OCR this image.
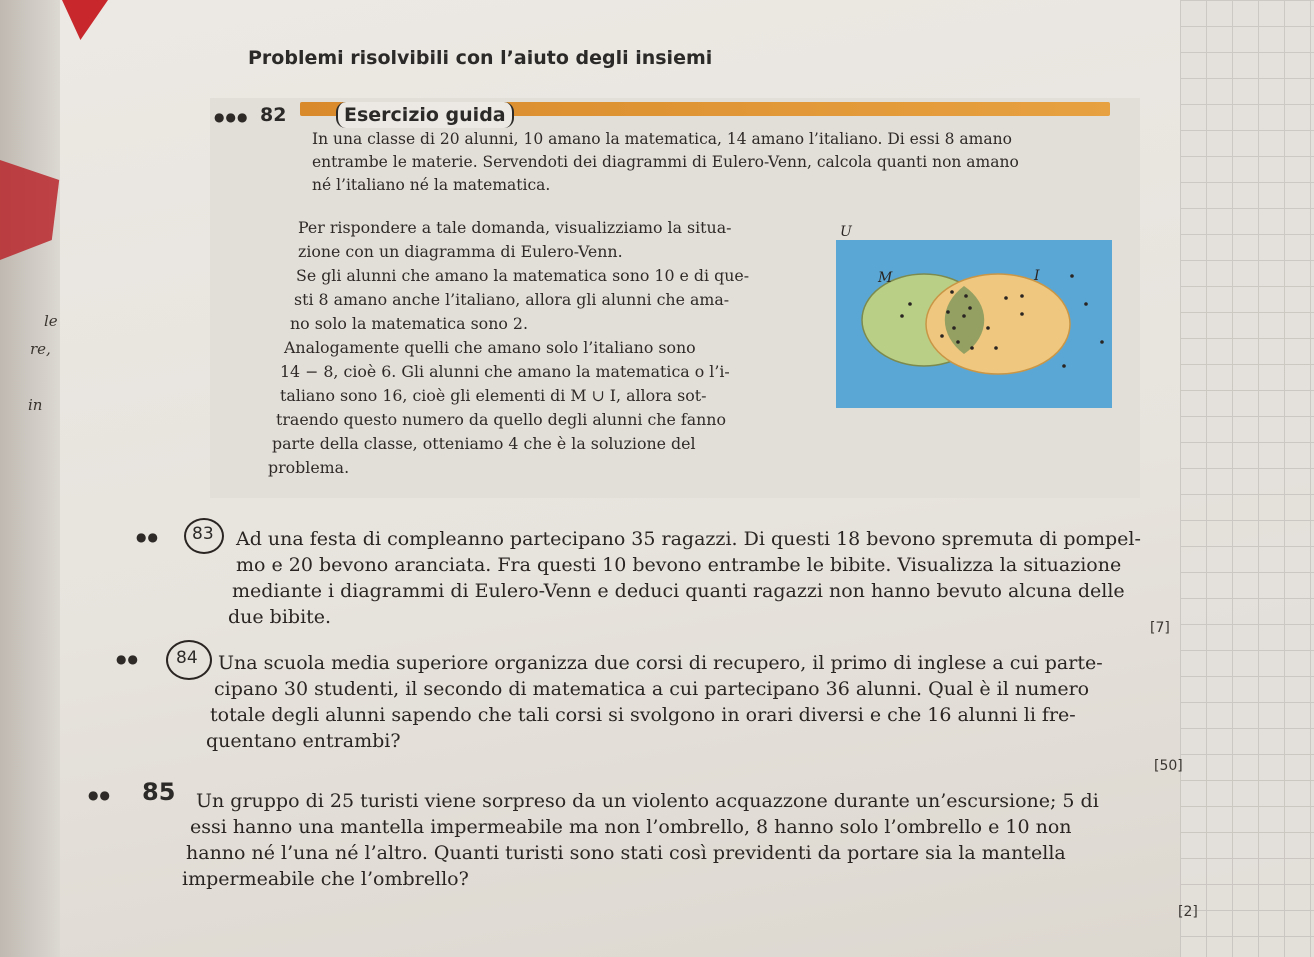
le
re,
in
Problemi risolvibili con l’aiuto degli insiemi
●●● 82	Esercizio guida
In una classe di 20 alunni, 10 amano la matematica, 14 amano l’italiano. Di essi 8 amano
entrambe le materie. Servendoti dei diagrammi di Eulero-Venn, calcola quanti non amano
né l’italiano né la matematica.
Per rispondere a tale domanda, visualizziamo la situa-
zione con un diagramma di Eulero-Venn.
Se gli alunni che amano la matematica sono 10 e di que-
sti 8 amano anche l’italiano, allora gli alunni che ama-
no solo la matematica sono 2.
Analogamente quelli che amano solo l’italiano sono
14 − 8, cioè 6. Gli alunni che amano la matematica o l’i-
taliano sono 16, cioè gli elementi di M ∪ I, allora sot-
traendo questo numero da quello degli alunni che fanno
parte della classe, otteniamo 4 che è la soluzione del
problema.
U
M	I
●● 83 Ad una festa di compleanno partecipano 35 ragazzi. Di questi 18 bevono spremuta di pompel-
mo e 20 bevono aranciata. Fra questi 10 bevono entrambe le bibite. Visualizza la situazione
mediante i diagrammi di Eulero-Venn e deduci quanti ragazzi non hanno bevuto alcuna delle
due bibite.	[7]
●● 84 Una scuola media superiore organizza due corsi di recupero, il primo di inglese a cui parte-
cipano 30 studenti, il secondo di matematica a cui partecipano 36 alunni. Qual è il numero
totale degli alunni sapendo che tali corsi si svolgono in orari diversi e che 16 alunni li fre-
quentano entrambi?
[50]
●● 85 Un gruppo di 25 turisti viene sorpreso da un violento acquazzone durante un’escursione; 5 di
essi hanno una mantella impermeabile ma non l’ombrello, 8 hanno solo l’ombrello e 10 non
hanno né l’una né l’altro. Quanti turisti sono stati così previdenti da portare sia la mantella
impermeabile che l’ombrello?
[2]
